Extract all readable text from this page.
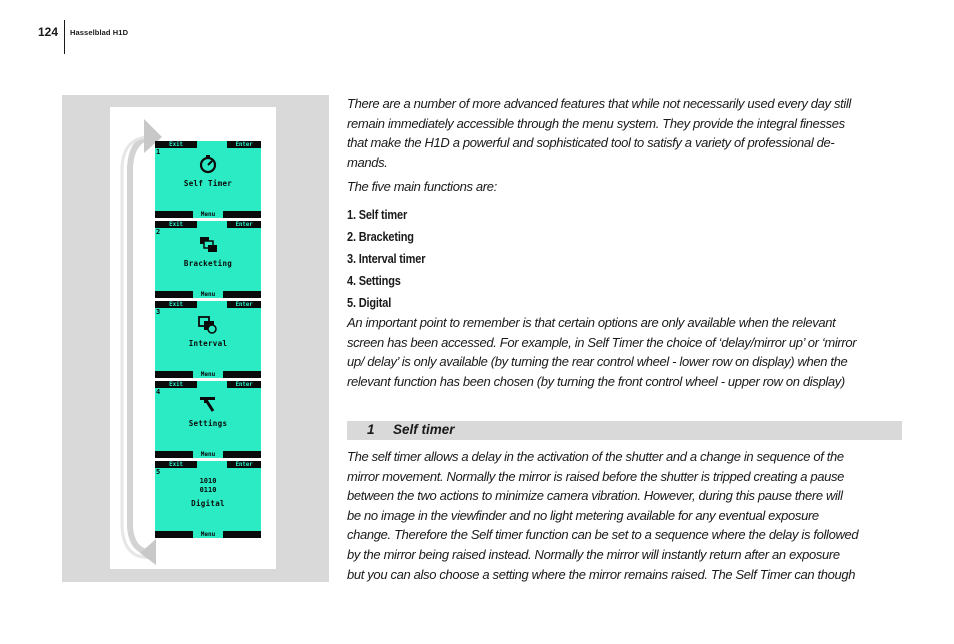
124 Hasselblad H1D
Exit	Enter
1
Self Timer
Menu
Exit	Enter
2
Bracketing
Menu
Exit	Enter
3
Interval
Menu
Exit	Enter
4
Settings
Menu
Exit	Enter
5
1010
0110
Digital
Menu
There are a number of more advanced features that while not necessarily used every day still
remain immediately accessible through the menu system. They provide the integral finesses
that make the H1D a powerful and sophisticated tool to satisfy a variety of professional de-
mands.
The five main functions are:
1. Self timer
2. Bracketing
3. Interval timer
4. Settings
5. Digital
An important point to remember is that certain options are only available when the relevant
screen has been accessed. For example, in Self Timer the choice of ‘delay/mirror up’ or ‘mirror
up/ delay’ is only available (by turning the rear control wheel - lower row on display) when the
relevant function has been chosen (by turning the front control wheel - upper row on display)
1 Self timer
The self timer allows a delay in the activation of the shutter and a change in sequence of the
mirror movement. Normally the mirror is raised before the shutter is tripped creating a pause
between the two actions to minimize camera vibration. However, during this pause there will
be no image in the viewfinder and no light metering available for any eventual exposure
change. Therefore the Self timer function can be set to a sequence where the delay is followed
by the mirror being raised instead. Normally the mirror will instantly return after an exposure
but you can also choose a setting where the mirror remains raised. The Self Timer can though
